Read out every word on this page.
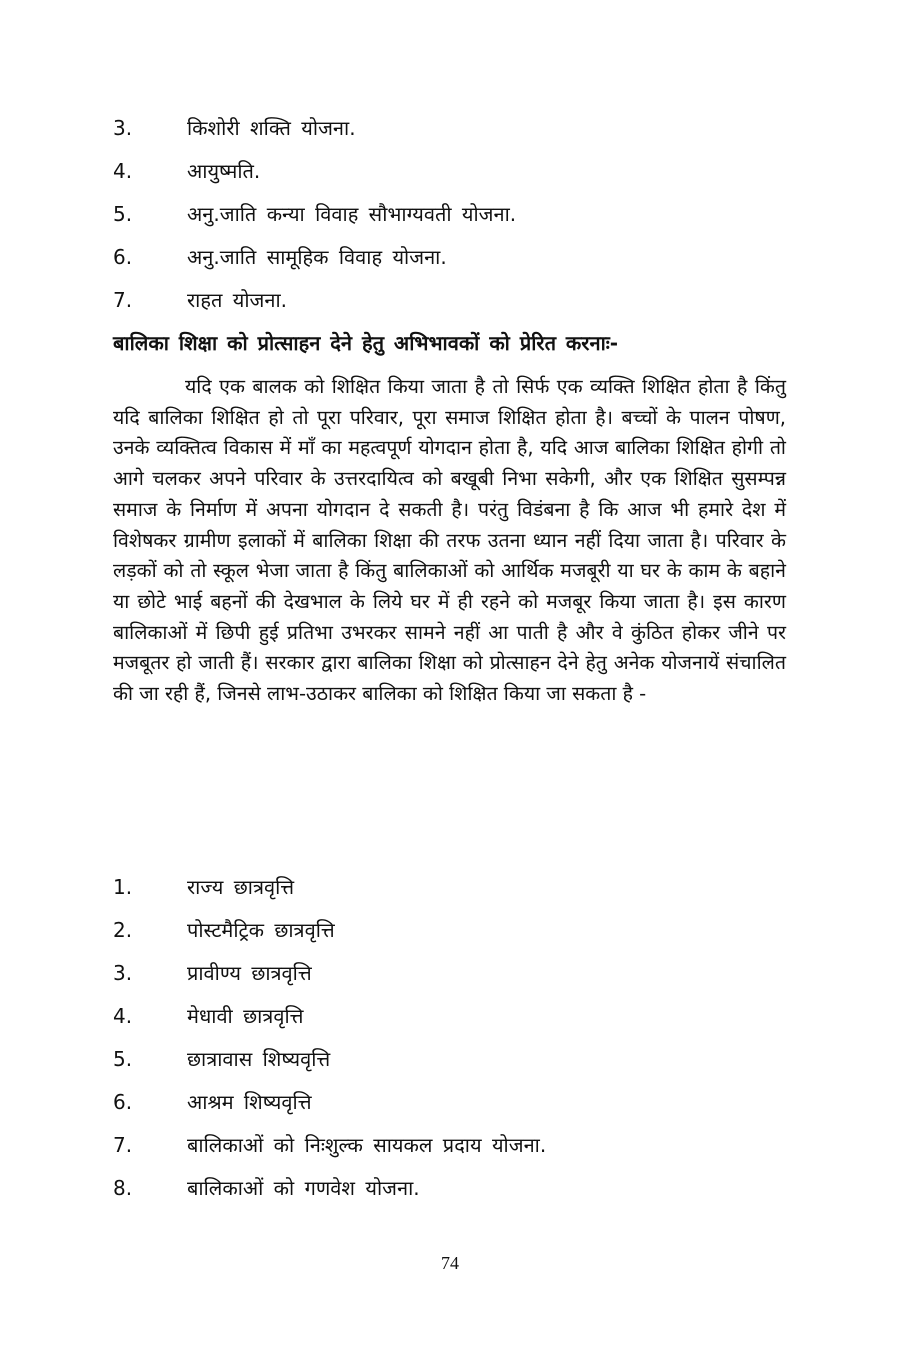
3.	किशोरी शक्ति योजना.
4.	आयुष्मति.
5.	अनु.जाति कन्या विवाह सौभाग्यवती योजना.
6.	अनु.जाति सामूहिक विवाह योजना.
7.	राहत योजना.
बालिका शिक्षा को प्रोत्साहन देने हेतु अभिभावकों को प्रेरित करनाः-

यदि एक बालक को शिक्षित किया जाता है तो सिर्फ एक व्यक्ति शिक्षित होता है किंतु यदि बालिका शिक्षित हो तो पूरा परिवार, पूरा समाज शिक्षित होता है। बच्चों के पालन पोषण, उनके व्यक्तित्व विकास में माँ का महत्वपूर्ण योगदान होता है, यदि आज बालिका शिक्षित होगी तो आगे चलकर अपने परिवार के उत्तरदायित्व को बखूबी निभा सकेगी, और एक शिक्षित सुसम्पन्न समाज के निर्माण में अपना योगदान दे सकती है। परंतु विडंबना है कि आज भी हमारे देश में विशेषकर ग्रामीण इलाकों में बालिका शिक्षा की तरफ उतना ध्यान नहीं दिया जाता है। परिवार के लड़कों को तो स्कूल भेजा जाता है किंतु बालिकाओं को आर्थिक मजबूरी या घर के काम के बहाने या छोटे भाई बहनों की देखभाल के लिये घर में ही रहने को मजबूर किया जाता है। इस कारण बालिकाओं में छिपी हुई प्रतिभा उभरकर सामने नहीं आ पाती है और वे कुंठित होकर जीने पर मजबूतर हो जाती हैं। सरकार द्वारा बालिका शिक्षा को प्रोत्साहन देने हेतु अनेक योजनायें संचालित की जा रही हैं, जिनसे लाभ-उठाकर बालिका को शिक्षित किया जा सकता है -

1.	राज्य छात्रवृत्ति
2.	पोस्टमैट्रिक छात्रवृत्ति
3.	प्रावीण्य छात्रवृत्ति
4.	मेधावी छात्रवृत्ति
5.	छात्रावास शिष्यवृत्ति
6.	आश्रम शिष्यवृत्ति
7.	बालिकाओं को निःशुल्क सायकल प्रदाय योजना.
8.	बालिकाओं को गणवेश योजना.
74
